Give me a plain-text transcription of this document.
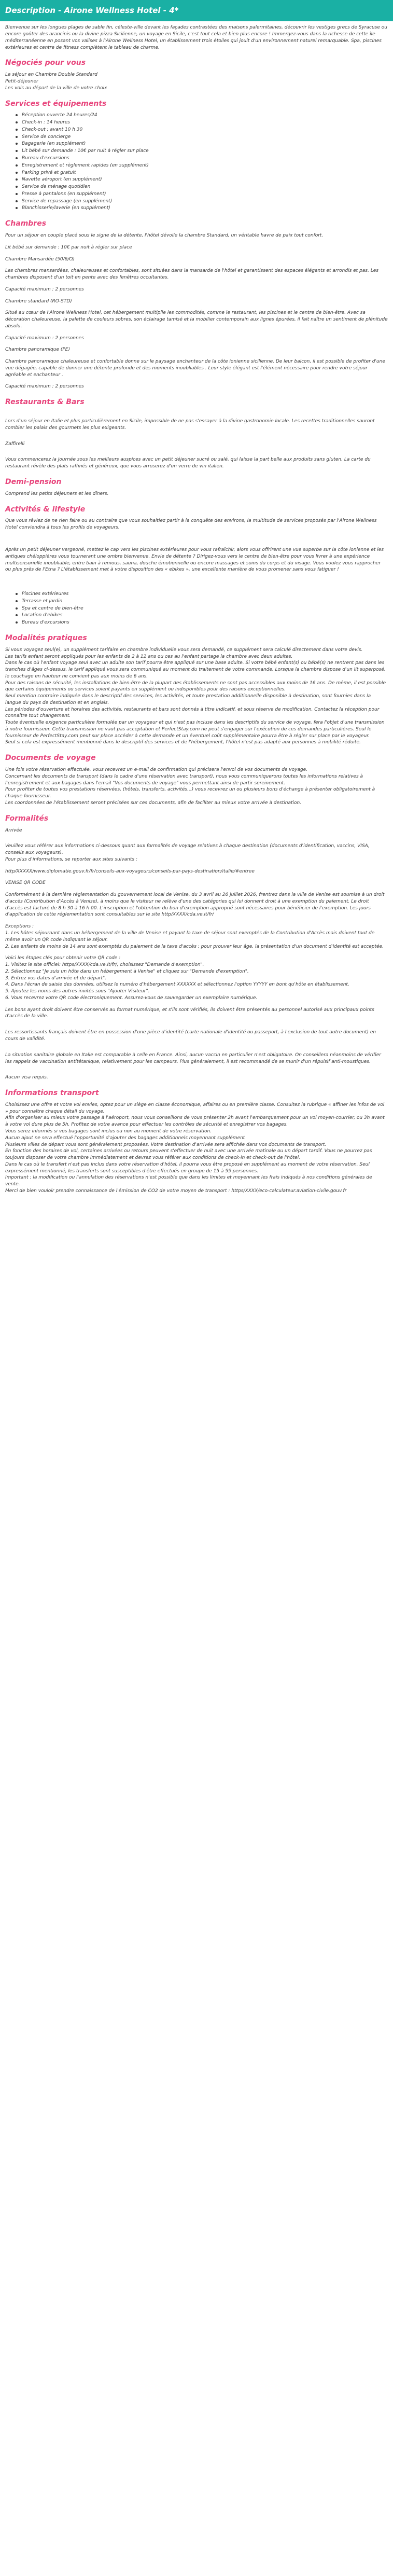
Description - Airone Wellness Hotel - 4*

Bienvenue sur les longues plages de sable fin, céleste-ville devant les façades contrastées des maisons palermitaines, découvrir les vestiges grecs de Syracuse ou encore goûter des arancinis ou la divine pizza Sicilienne, un voyage en Sicile, c'est tout cela et bien plus encore ! Immergez-vous dans la richesse de cette île méditerranéenne en posant vos valises à l'Airone Wellness Hotel, un établissement trois étoiles qui jouit d'un environnement naturel remarquable. Spa, piscines extérieures et centre de fitness complètent le tableau de charme.

Négociés pour vous

Le séjour en Chambre Double Standard
Petit-déjeuner
Les vols au départ de la ville de votre choix

Services et équipements
Réception ouverte 24 heures/24
Check-in : 14 heures
Check-out : avant 10 h 30
Service de concierge
Bagagerie (en supplément)
Lit bébé sur demande : 10€ par nuit à régler sur place
Bureau d'excursions
Enregistrement et règlement rapides (en supplément)
Parking privé et gratuit
Navette aéroport (en supplément)
Service de ménage quotidien
Presse à pantalons (en supplément)
Service de repassage (en supplément)
Blanchisserie/laverie (en supplément)
Chambres

Pour un séjour en couple placé sous le signe de la détente, l'hôtel dévoile la chambre Standard, un véritable havre de paix tout confort.

Lit bébé sur demande : 10€ par nuit à régler sur place

Chambre Mansardée (50/6/O)

Les chambres mansardées, chaleureuses et confortables, sont situées dans la mansarde de l'hôtel et garantissent des espaces élégants et arrondis et pas. Les chambres disposent d'un toit en pente avec des fenêtres occultantes.

Capacité maximum : 2 personnes

Chambre standard (RO-STD)

Situé au cœur de l'Airone Wellness Hotel, cet hébergement multiplie les commodités, comme le restaurant, les piscines et le centre de bien-être. Avec sa décoration chaleureuse, la palette de couleurs sobres, son éclairage tamisé et la mobilier contemporain aux lignes épurées, il fait naître un sentiment de plénitude absolu.

Capacité maximum : 2 personnes

Chambre panoramique (PE)

Chambre panoramique chaleureuse et confortable donne sur le paysage enchanteur de la côte ionienne sicilienne. De leur balcon, il est possible de profiter d'une vue dégagée, capable de donner une détente profonde et des moments inoubliables . Leur style élégant est l'élément nécessaire pour rendre votre séjour agréable et enchanteur .

Capacité maximum : 2 personnes

Restaurants & Bars

Lors d'un séjour en Italie et plus particulièrement en Sicile, impossible de ne pas s'essayer à la divine gastronomie locale. Les recettes traditionnelles sauront combler les palais des gourmets les plus exigeants.

Zaffirelli

Vous commencerez la journée sous les meilleurs auspices avec un petit déjeuner sucré ou salé, qui laisse la part belle aux produits sans gluten. La carte du restaurant révèle des plats raffinés et généreux, que vous arroserez d'un verre de vin italien.

Demi-pension

Comprend les petits déjeuners et les dîners.

Activités & lifestyle

Que vous rêviez de ne rien faire ou au contraire que vous souhaitiez partir à la conquête des environs, la multitude de services proposés par l'Airone Wellness Hotel conviendra à tous les profils de voyageurs.

Après un petit déjeuner vergeoné, mettez le cap vers les piscines extérieures pour vous rafraîchir, alors vous offrirent une vue superbe sur la côte ionienne et les antiques chéloppières vous tournerant une ombre bienvenue. Envie de détente ? Dirigez-vous vers le centre de bien-être pour vous livrer à une expérience multisensorielle inoubliable, entre bain à remous, sauna, douche émotionnelle ou encore massages et soins du corps et du visage. Vous voulez vous rapprocher ou plus près de l'Etna ? L'établissement met à votre disposition des « ebikes », une excellente manière de vous promener sans vous fatiguer !

Piscines extérieures
Terrasse et jardin
Spa et centre de bien-être
Location d'ebikes
Bureau d'excursions
Modalités pratiques

Si vous voyagez seul(e), un supplément tarifaire en chambre individuelle vous sera demandé, ce supplément sera calculé directement dans votre devis.
Les tarifs enfant seront appliqués pour les enfants de 2 à 12 ans ou ces au l'enfant partage la chambre avec deux adultes.
Dans le cas où l'enfant voyage seul avec un adulte son tarif pourra être appliqué sur une base adulte. Si votre bébé enfant(s) ou bébé(s) ne rentrent pas dans les tranches d'âges ci-dessus, le tarif appliqué vous sera communiqué au moment du traitement de votre commande. Lorsque la chambre dispose d'un lit superposé, le couchage en hauteur ne convient pas aux moins de 6 ans.
Pour des raisons de sécurité, les installations de bien-être de la plupart des établissements ne sont pas accessibles aux moins de 16 ans. De même, il est possible que certains équipements ou services soient payants en supplément ou indisponibles pour des raisons exceptionnelles.
Seul mention contraire indiquée dans le descriptif des services, les activités, et toute prestation additionnelle disponible à destination, sont fournies dans la langue du pays de destination et en anglais.
Les périodes d'ouverture et horaires des activités, restaurants et bars sont donnés à titre indicatif, et sous réserve de modification. Contactez la réception pour connaître tout changement.
Toute éventuelle exigence particulière formulée par un voyageur et qui n'est pas incluse dans les descriptifs du service de voyage, fera l'objet d'une transmission à notre fournisseur. Cette transmission ne vaut pas acceptation et PerfectStay.com ne peut s'engager sur l'exécution de ces demandes particulières. Seul le fournisseur de PerfectStay.com peut sur place accéder à cette demande et un éventuel coût supplémentaire pourra être à régler sur place par le voyageur.
Seul si cela est expressément mentionné dans le descriptif des services et de l'hébergement, l'hôtel n'est pas adapté aux personnes à mobilité réduite.

Documents de voyage

Une fois votre réservation effectuée, vous recevrez un e-mail de confirmation qui précisera l'envoi de vos documents de voyage.
Concernant les documents de transport (dans le cadre d'une réservation avec transport), nous vous communiquerons toutes les informations relatives à l'enregistrement et aux bagages dans l'email "Vos documents de voyage" vous permettant ainsi de partir sereinement.
Pour profiter de toutes vos prestations réservées, (hôtels, transferts, activités...) vous recevrez un ou plusieurs bons d'échange à présenter obligatoirement à chaque fournisseur.
Les coordonnées de l'établissement seront précisées sur ces documents, afin de faciliter au mieux votre arrivée à destination.

Formalités

Arrivée

Veuillez vous référer aux informations ci-dessous quant aux formalités de voyage relatives à chaque destination (documents d'identification, vaccins, VISA, conseils aux voyageurs).
Pour plus d'informations, se reporter aux sites suivants :

http/XXXXX/www.diplomatie.gouv.fr/fr/conseils-aux-voyageurs/conseils-par-pays-destination/italie/#entree

VENISE QR CODE

Conformément à la dernière réglementation du gouvernement local de Venise, du 3 avril au 26 juillet 2026, frentrez dans la ville de Venise est soumise à un droit d'accès (Contribution d'Accès à Venise), à moins que le visiteur ne relève d'une des catégories qui lui donnent droit à une exemption du paiement. Le droit d'accès est facturé de 8 h 30 à 16 h 00. L'inscription et l'obtention du bon d'exemption approprié sont nécessaires pour bénéficier de l'exemption. Les jours d'application de cette réglementation sont consultables sur le site http/XXXX/cda.ve.it/fr/

Exceptions :
1. Les hôtes séjournant dans un hébergement de la ville de Venise et payant la taxe de séjour sont exemptés de la Contribution d'Accès mais doivent tout de même avoir un QR code indiquant le séjour.
2. Les enfants de moins de 14 ans sont exemptés du paiement de la taxe d'accès : pour prouver leur âge, la présentation d'un document d'identité est acceptée.

Voici les étapes clés pour obtenir votre QR code :
1. Visitez le site officiel: https/XXXX/cda.ve.it/fr/, choisissez "Demande d'exemption".
2. Sélectionnez "Je suis un hôte dans un hébergement à Venise" et cliquez sur "Demande d'exemption".
3. Entrez vos dates d'arrivée et de départ".
4. Dans l'écran de saisie des données, utilisez le numéro d'hébergement XXXXXX et sélectionnez l'option YYYYY en bont qu'hôte en établissement.
5. Ajoutez les noms des autres invités sous "Ajouter Visiteur".
6. Vous recevrez votre QR code électroniquement. Assurez-vous de sauvegarder un exemplaire numérique.

Les bons ayant droit doivent être conservés au format numérique, et s'ils sont vérifiés, ils doivent être présentés au personnel autorisé aux principaux points d'accès de la ville.

Les ressortissants français doivent être en possession d'une pièce d'identité (carte nationale d'identité ou passeport, à l'exclusion de tout autre document) en cours de validité.

La situation sanitaire globale en Italie est comparable à celle en France. Ainsi, aucun vaccin en particulier n'est obligatoire. On conseillera néanmoins de vérifier les rappels de vaccination antitétanique, relativement pour les campeurs. Plus généralement, il est recommandé de se munir d'un répulsif anti-moustiques.

Aucun visa requis.

Informations transport

Choisissez une offre et votre vol envies, optez pour un siège en classe économique, affaires ou en première classe. Consultez la rubrique « affiner les infos de vol » pour connaître chaque détail du voyage.
Afin d'organiser au mieux votre passage à l'aéroport, nous vous conseillons de vous présenter 2h avant l'embarquement pour un vol moyen-courrier, ou 3h avant à votre vol dure plus de 5h. Profitez de votre avance pour effectuer les contrôles de sécurité et enregistrer vos bagages.
Vous serez informés si vos bagages sont inclus ou non au moment de votre réservation.
Aucun ajout ne sera effectué l'opportunité d'ajouter des bagages additionnels moyennant supplément
Plusieurs villes de départ vous sont généralement proposées. Votre destination d'arrivée sera affichée dans vos documents de transport.
En fonction des horaires de vol, certaines arrivées ou retours peuvent s'effectuer de nuit avec une arrivée matinale ou un départ tardif. Vous ne pourrez pas toujours disposer de votre chambre immédiatement et devrez vous référer aux conditions de check-in et check-out de l'hôtel.
Dans le cas où le transfert n'est pas inclus dans votre réservation d'hôtel, il pourra vous être proposé en supplément au moment de votre réservation. Seul expressément mentionné, les transferts sont susceptibles d'être effectués en groupe de 15 à 55 personnes.
Important : la modification ou l'annulation des réservations n'est possible que dans les limites et moyennant les frais indiqués à nos conditions générales de vente.
Merci de bien vouloir prendre connaissance de l'émission de CO2 de votre moyen de transport : https/XXXX/eco-calculateur.aviation-civile.gouv.fr
